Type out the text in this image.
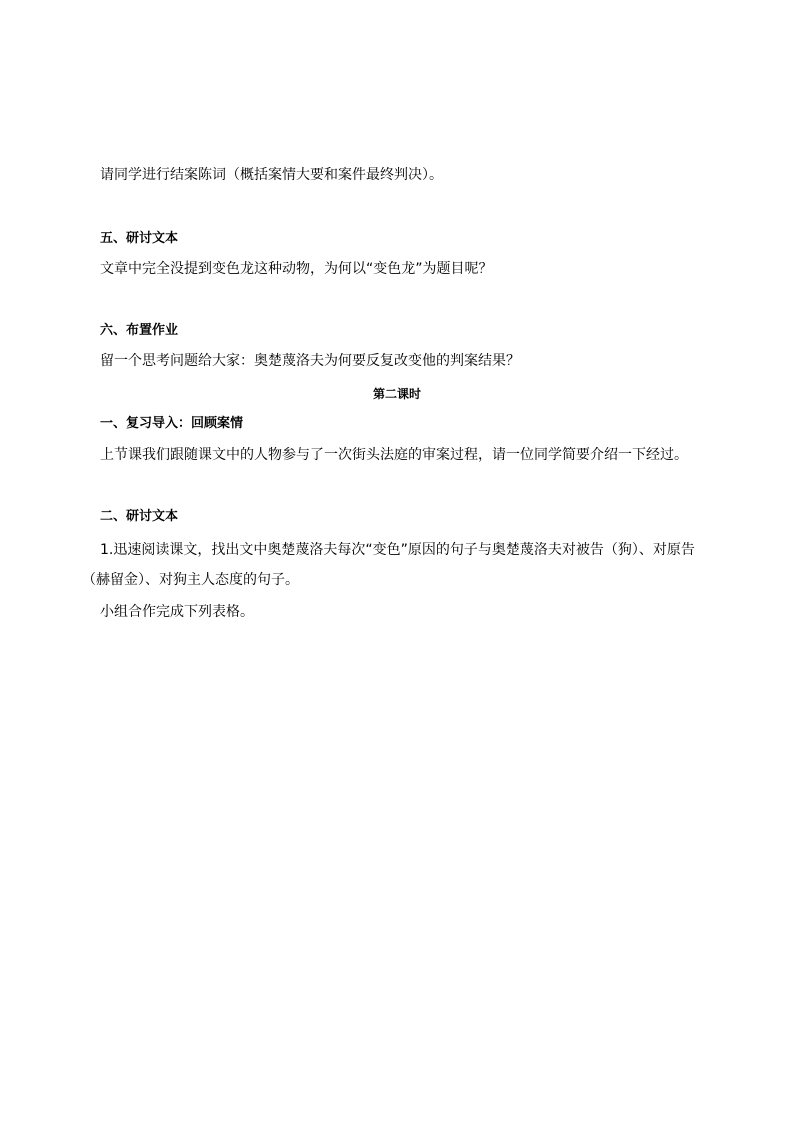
请同学进行结案陈词（概括案情大要和案件最终判决）。
五、研讨文本
文章中完全没提到变色龙这种动物，为何以“变色龙”为题目呢？
六、布置作业
留一个思考问题给大家：奥楚蔑洛夫为何要反复改变他的判案结果？
第二课时
一、复习导入：回顾案情
上节课我们跟随课文中的人物参与了一次街头法庭的审案过程，请一位同学简要介绍一下经过。
二、研讨文本
1.迅速阅读课文，找出文中奥楚蔑洛夫每次“变色”原因的句子与奥楚蔑洛夫对被告（狗）、对原告
（赫留金）、对狗主人态度的句子。
小组合作完成下列表格。
